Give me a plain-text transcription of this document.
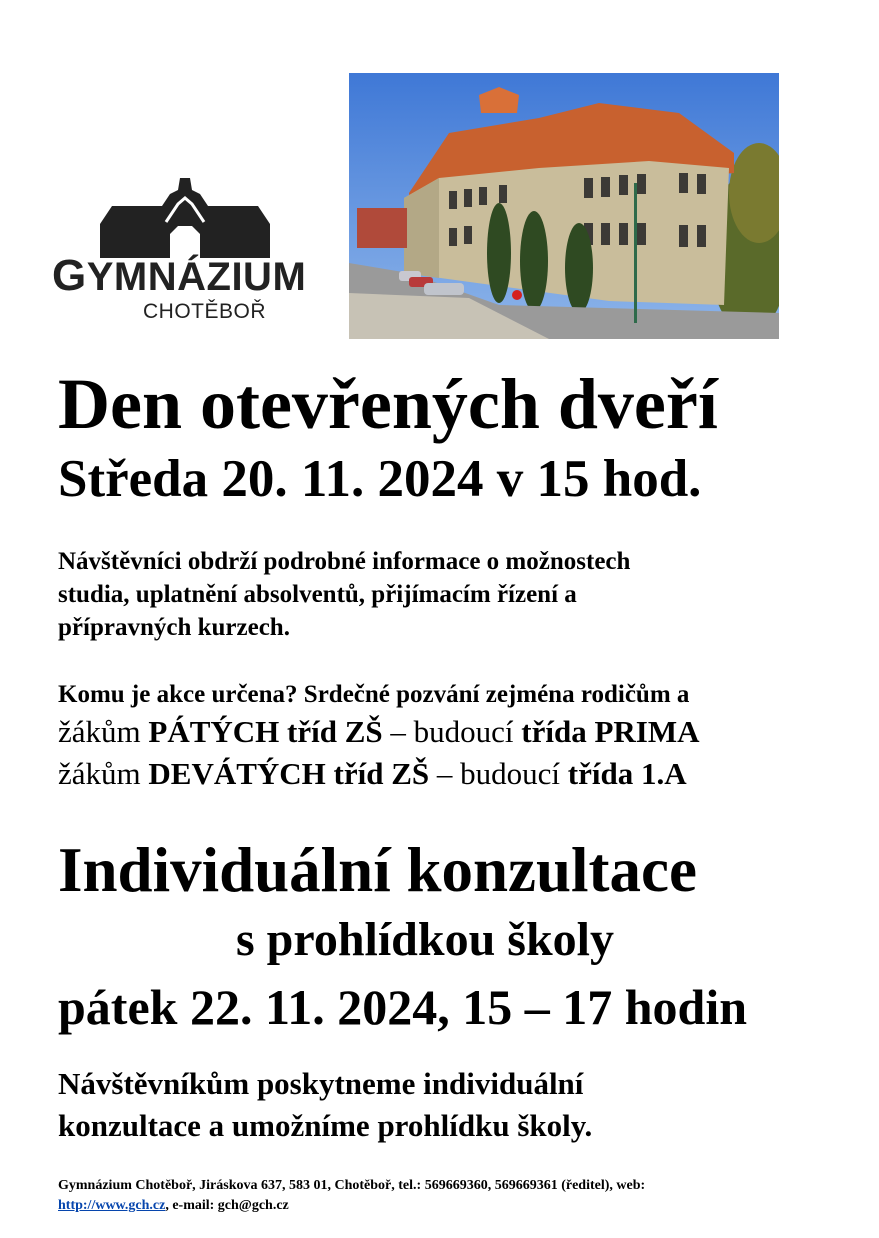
GYMNÁZIUM
CHOTĚBOŘ
Den otevřených dveří
Středa 20. 11. 2024 v 15 hod.
Návštěvníci obdrží podrobné informace o možnostech
studia, uplatnění absolventů, přijímacím řízení a
přípravných kurzech.
Komu je akce určena? Srdečné pozvání zejména rodičům a
žákům PÁTÝCH tříd ZŠ – budoucí třída PRIMA
žákům DEVÁTÝCH tříd ZŠ – budoucí třída 1.A
Individuální konzultace
s prohlídkou školy
pátek 22. 11. 2024, 15 – 17 hodin
Návštěvníkům poskytneme individuální
konzultace a umožníme prohlídku školy.
Gymnázium Chotěboř, Jiráskova 637, 583 01, Chotěboř, tel.: 569669360, 569669361 (ředitel), web:
http://www.gch.cz, e-mail: gch@gch.cz
